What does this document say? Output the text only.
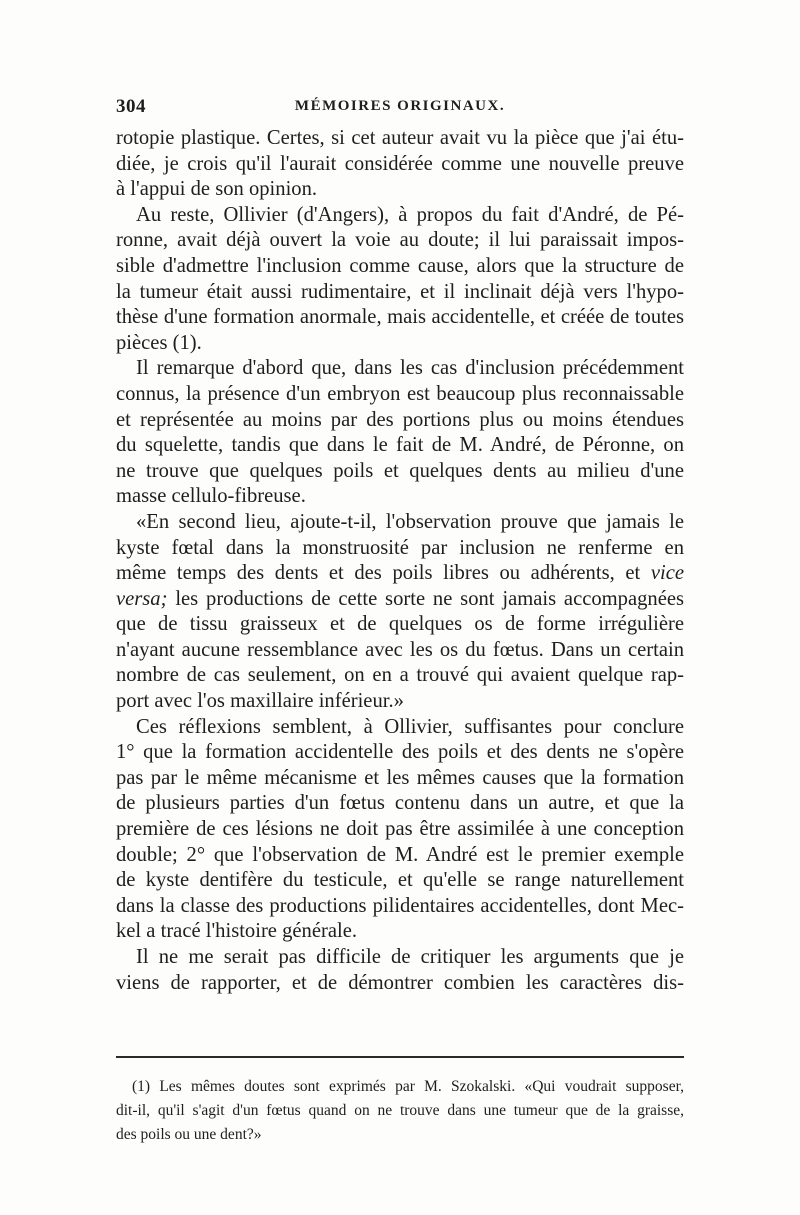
304	MÉMOIRES ORIGINAUX.
rotopie plastique. Certes, si cet auteur avait vu la pièce que j'ai étu-
diée, je crois qu'il l'aurait considérée comme une nouvelle preuve
à l'appui de son opinion.
Au reste, Ollivier (d'Angers), à propos du fait d'André, de Pé-
ronne, avait déjà ouvert la voie au doute; il lui paraissait impos-
sible d'admettre l'inclusion comme cause, alors que la structure de
la tumeur était aussi rudimentaire, et il inclinait déjà vers l'hypo-
thèse d'une formation anormale, mais accidentelle, et créée de toutes
pièces (1).
Il remarque d'abord que, dans les cas d'inclusion précédemment
connus, la présence d'un embryon est beaucoup plus reconnaissable
et représentée au moins par des portions plus ou moins étendues
du squelette, tandis que dans le fait de M. André, de Péronne, on
ne trouve que quelques poils et quelques dents au milieu d'une
masse cellulo-fibreuse.
«En second lieu, ajoute-t-il, l'observation prouve que jamais le
kyste fœtal dans la monstruosité par inclusion ne renferme en
même temps des dents et des poils libres ou adhérents, et vice
versa; les productions de cette sorte ne sont jamais accompagnées
que de tissu graisseux et de quelques os de forme irrégulière
n'ayant aucune ressemblance avec les os du fœtus. Dans un certain
nombre de cas seulement, on en a trouvé qui avaient quelque rap-
port avec l'os maxillaire inférieur.»
Ces réflexions semblent, à Ollivier, suffisantes pour conclure
1° que la formation accidentelle des poils et des dents ne s'opère
pas par le même mécanisme et les mêmes causes que la formation
de plusieurs parties d'un fœtus contenu dans un autre, et que la
première de ces lésions ne doit pas être assimilée à une conception
double; 2° que l'observation de M. André est le premier exemple
de kyste dentifère du testicule, et qu'elle se range naturellement
dans la classe des productions pilidentaires accidentelles, dont Mec-
kel a tracé l'histoire générale.
Il ne me serait pas difficile de critiquer les arguments que je
viens de rapporter, et de démontrer combien les caractères dis-
(1) Les mêmes doutes sont exprimés par M. Szokalski. «Qui voudrait supposer,
dit-il, qu'il s'agit d'un fœtus quand on ne trouve dans une tumeur que de la graisse,
des poils ou une dent?»
